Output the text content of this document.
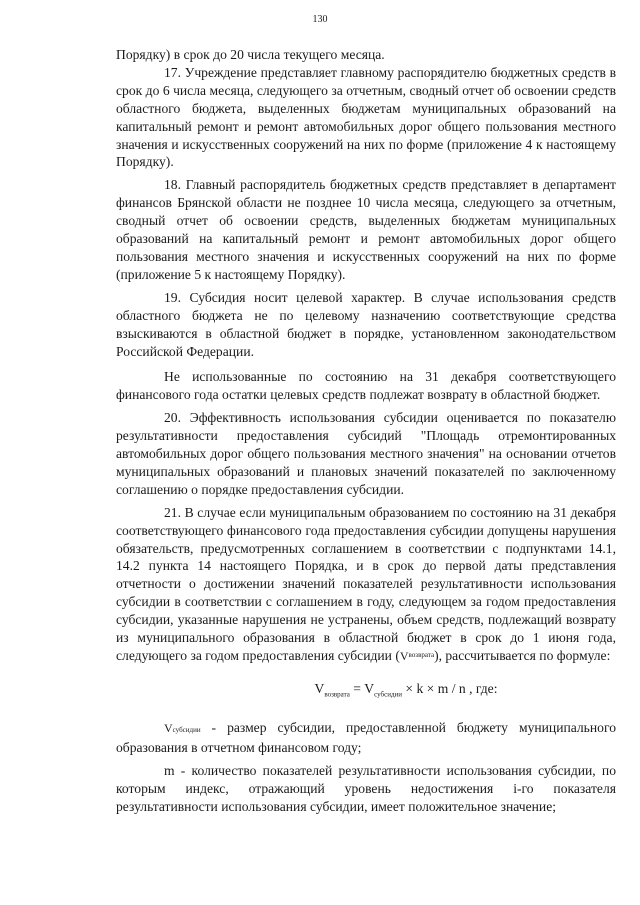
130

Порядку) в срок до 20 числа текущего месяца.

17. Учреждение представляет главному распорядителю бюджетных средств в срок до 6 числа месяца, следующего за отчетным, сводный отчет об освоении средств областного бюджета, выделенных бюджетам муниципальных образований на капитальный ремонт и ремонт автомобильных дорог общего пользования местного значения и искусственных сооружений на них по форме (приложение 4 к настоящему Порядку).

18. Главный распорядитель бюджетных средств представляет в департамент финансов Брянской области не позднее 10 числа месяца, следующего за отчетным, сводный отчет об освоении средств, выделенных бюджетам муниципальных образований на капитальный ремонт и ремонт автомобильных дорог общего пользования местного значения и искусственных сооружений на них по форме (приложение 5 к настоящему Порядку).

19. Субсидия носит целевой характер. В случае использования средств областного бюджета не по целевому назначению соответствующие средства взыскиваются в областной бюджет в порядке, установленном законодательством Российской Федерации.

Не использованные по состоянию на 31 декабря соответствующего финансового года остатки целевых средств подлежат возврату в областной бюджет.

20. Эффективность использования субсидии оценивается по показателю результативности предоставления субсидий "Площадь отремонтированных автомобильных дорог общего пользования местного значения" на основании отчетов муниципальных образований и плановых значений показателей по заключенному соглашению о порядке предоставления субсидии.

21. В случае если муниципальным образованием по состоянию на 31 декабря соответствующего финансового года предоставления субсидии допущены нарушения обязательств, предусмотренных соглашением в соответствии с подпунктами 14.1, 14.2 пункта 14 настоящего Порядка, и в срок до первой даты представления отчетности о достижении значений показателей результативности использования субсидии в соответствии с соглашением в году, следующем за годом предоставления субсидии, указанные нарушения не устранены, объем средств, подлежащий возврату из муниципального образования в областной бюджет в срок до 1 июня года, следующего за годом предоставления субсидии $(V^{возврата})$, рассчитывается по формуле:

$V_{возврата} = V_{субсидии} \times k \times m / n$ , где:

Vсубсидии - размер субсидии, предоставленной бюджету муниципального образования в отчетном финансовом году;

m - количество показателей результативности использования субсидии, по которым индекс, отражающий уровень недостижения i-го показателя результативности использования субсидии, имеет положительное значение;
